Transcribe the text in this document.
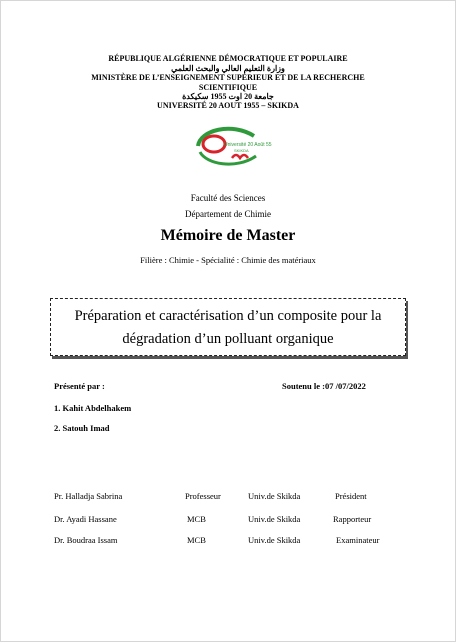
RÉPUBLIQUE ALGÉRIENNE DÉMOCRATIQUE ET POPULAIRE
وزارة التعليم العالي والبحث العلمي
MINISTÈRE DE L’ENSEIGNEMENT SUPÉRIEUR ET DE LA RECHERCHE
SCIENTIFIQUE
جامعة 20 اوت 1955 سكيكدة
UNIVERSITÉ 20 AOUT 1955 – SKIKDA
Université 20 Août 55
SKIKDA
Faculté des Sciences
Département de Chimie
Mémoire de Master
Filière : Chimie - Spécialité : Chimie des matériaux
Préparation et caractérisation d’un composite pour la
dégradation d’un polluant organique
Présenté par :	Soutenu le :07 /07/2022
1. Kahit Abdelhakem
2. Satouh Imad
Pr. Halladja Sabrina	Professeur	Univ.de Skikda	Président
Dr. Ayadi Hassane	MCB	Univ.de Skikda	Rapporteur
Dr. Boudraa Issam	MCB	Univ.de Skikda	Examinateur
